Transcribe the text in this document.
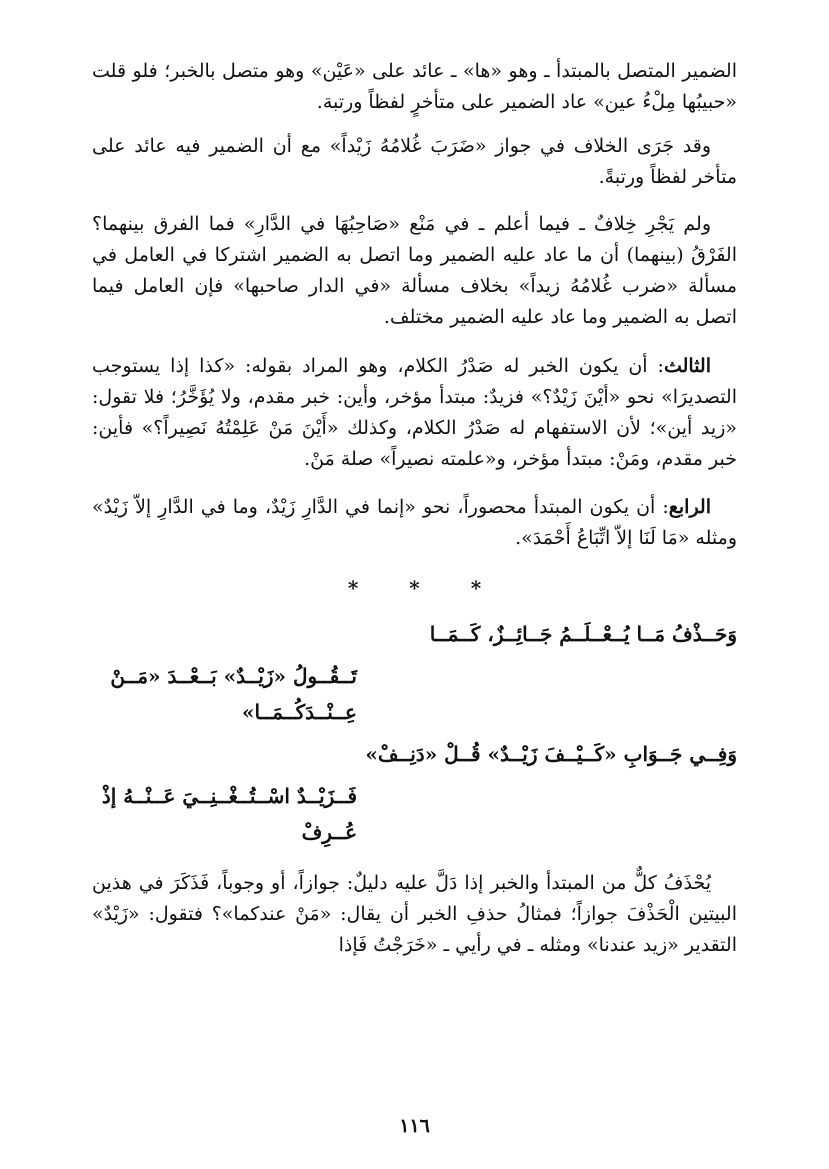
الضمير المتصل بالمبتدأ ـ وهو «ها» ـ عائد على «عَيْن» وهو متصل بالخبر؛ فلو قلت «حبيبُها مِلْءُ عين» عاد الضمير على متأخرٍ لفظاً ورتبة.

وقد جَرَى الخلاف في جواز «ضَرَبَ غُلامُهُ زَيْداً» مع أن الضمير فيه عائد على متأخر لفظاً ورتبةً.

ولم يَجْرِ خِلافٌ ـ فيما أعلم ـ في مَنْع «صَاحِبُهَا في الدَّارِ» فما الفرق بينهما؟ الفَرْقُ (بينهما) أن ما عاد عليه الضمير وما اتصل به الضمير اشتركا في العامل في مسألة «ضرب غُلامُهُ زيداً» بخلاف مسألة «في الدار صاحبها» فإن العامل فيما اتصل به الضمير وما عاد عليه الضمير مختلف.

الثالث: أن يكون الخبر له صَدْرُ الكلام، وهو المراد بقوله: «كذا إذا يستوجب التصديرَا» نحو «أيْنَ زَيْدٌ؟» فزيدٌ: مبتدأ مؤخر، وأين: خبر مقدم، ولا يُؤَخَّرُ؛ فلا تقول: «زيد أين»؛ لأن الاستفهام له صَدْرُ الكلام، وكذلك «أَيْنَ مَنْ عَلِمْتُهُ نَصِيراً؟» فأين: خبر مقدم، ومَنْ: مبتدأ مؤخر، و«علمته نصيراً» صلة مَنْ.

الرابع: أن يكون المبتدأ محصوراً، نحو «إنما في الدَّارِ زَيْدٌ، وما في الدَّارِ إلاّ زَيْدٌ» ومثله «مَا لَنَا إلاّ اتِّبَاعُ أَحْمَدَ».

* * *
وَحَــذْفُ مَــا يُــعْــلَــمُ جَــائِــزٌ، كَــمَــا
تَــقُــولُ «زَيْــدٌ» بَــعْــدَ «مَــنْ عِــنْــدَكُــمَــا»
وَفِــي جَــوَابِ «كَــيْــفَ زَيْــدٌ» قُــلْ «دَنِــفْ»
فَــزَيْــدٌ اسْــتُــغْــنِــيَ عَــنْــهُ إذْ عُــرِفْ

يُحْذَفُ كلٌّ من المبتدأ والخبر إذا دَلَّ عليه دليلٌ: جوازاً، أو وجوباً، فَذَكَرَ في هذين البيتين الْحَذْفَ جوازاً؛ فمثالُ حذفِ الخبر أن يقال: «مَنْ عندكما»؟ فتقول: «زَيْدٌ» التقدير «زيد عندنا» ومثله ـ في رأيي ـ «خَرَجْتُ فَإذا

١١٦
